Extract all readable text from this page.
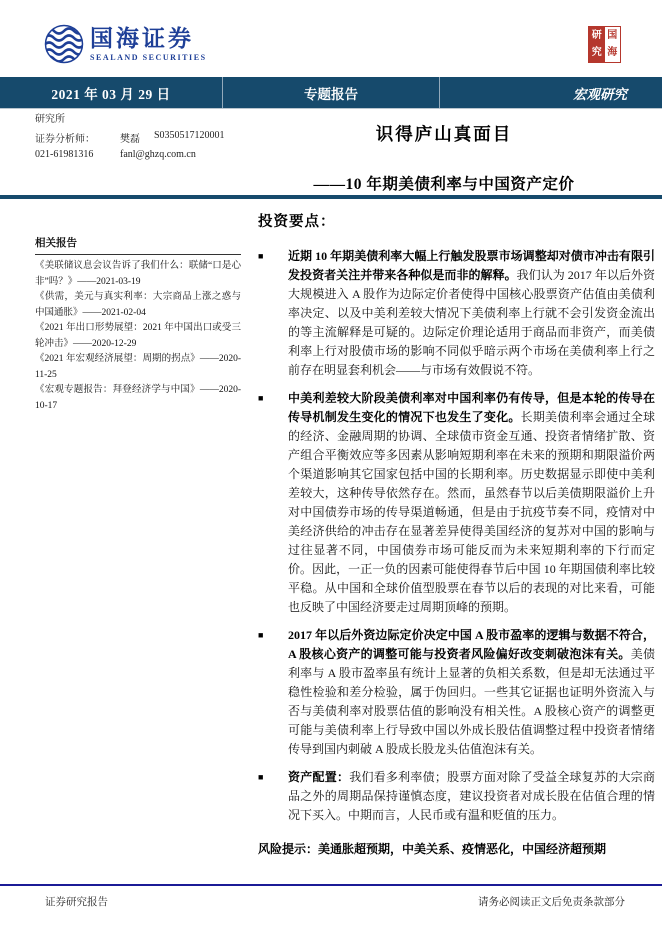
国海证券
SEALAND SECURITIES
研 国
究 海
2021 年 03 月 29 日	专题报告	宏观研究
研究所
证券分析师：	樊磊	S0350517120001
021-61981316	fanl@ghzq.com.cn
识得庐山真面目
——10 年期美债利率与中国资产定价
相关报告
《美联储议息会议告诉了我们什么：联储“口是心非”吗？》——2021-03-19
《供需，美元与真实利率：大宗商品上涨之惑与中国通胀》——2021-02-04
《2021 年出口形势展望：2021 年中国出口或受三轮冲击》——2020-12-29
《2021 年宏观经济展望：周期的拐点》——2020-11-25
《宏观专题报告：拜登经济学与中国》——2020-10-17
投资要点：
■	近期 10 年期美债利率大幅上行触发股票市场调整却对债市冲击有限引发投资者关注并带来各种似是而非的解释。我们认为 2017 年以后外资大规模进入 A 股作为边际定价者使得中国核心股票资产估值由美债利率决定、以及中美利差较大情况下美债利率上行就不会引发资金流出的等主流解释是可疑的。边际定价理论适用于商品而非资产，而美债利率上行对股债市场的影响不同似乎暗示两个市场在美债利率上行之前存在明显套利机会——与市场有效假说不符。

■	中美利差较大阶段美债利率对中国利率仍有传导，但是本轮的传导在传导机制发生变化的情况下也发生了变化。长期美债利率会通过全球的经济、金融周期的协调、全球债市资金互通、投资者情绪扩散、资产组合平衡效应等多因素从影响短期利率在未来的预期和期限溢价两个渠道影响其它国家包括中国的长期利率。历史数据显示即使中美利差较大，这种传导依然存在。然而，虽然春节以后美债期限溢价上升对中国债券市场的传导渠道畅通，但是由于抗疫节奏不同，疫情对中美经济供给的冲击存在显著差异使得美国经济的复苏对中国的影响与过往显著不同，中国债券市场可能反而为未来短期利率的下行而定价。因此，一正一负的因素可能使得春节后中国 10 年期国债利率比较平稳。从中国和全球价值型股票在春节以后的表现的对比来看，可能也反映了中国经济要走过周期顶峰的预期。

■	2017 年以后外资边际定价决定中国 A 股市盈率的逻辑与数据不符合，A 股核心资产的调整可能与投资者风险偏好改变刺破泡沫有关。美债利率与 A 股市盈率虽有统计上显著的负相关系数，但是却无法通过平稳性检验和差分检验，属于伪回归。一些其它证据也证明外资流入与否与美债利率对股票估值的影响没有相关性。A 股核心资产的调整更可能与美债利率上行导致中国以外成长股估值调整过程中投资者情绪传导到国内刺破 A 股成长股龙头估值泡沫有关。

■	资产配置：我们看多利率债；股票方面对除了受益全球复苏的大宗商品之外的周期品保持谨慎态度，建议投资者对成长股在估值合理的情况下买入。中期而言，人民币或有温和贬值的压力。

风险提示：美通胀超预期，中美关系、疫情恶化，中国经济超预期
证券研究报告	请务必阅读正文后免责条款部分
